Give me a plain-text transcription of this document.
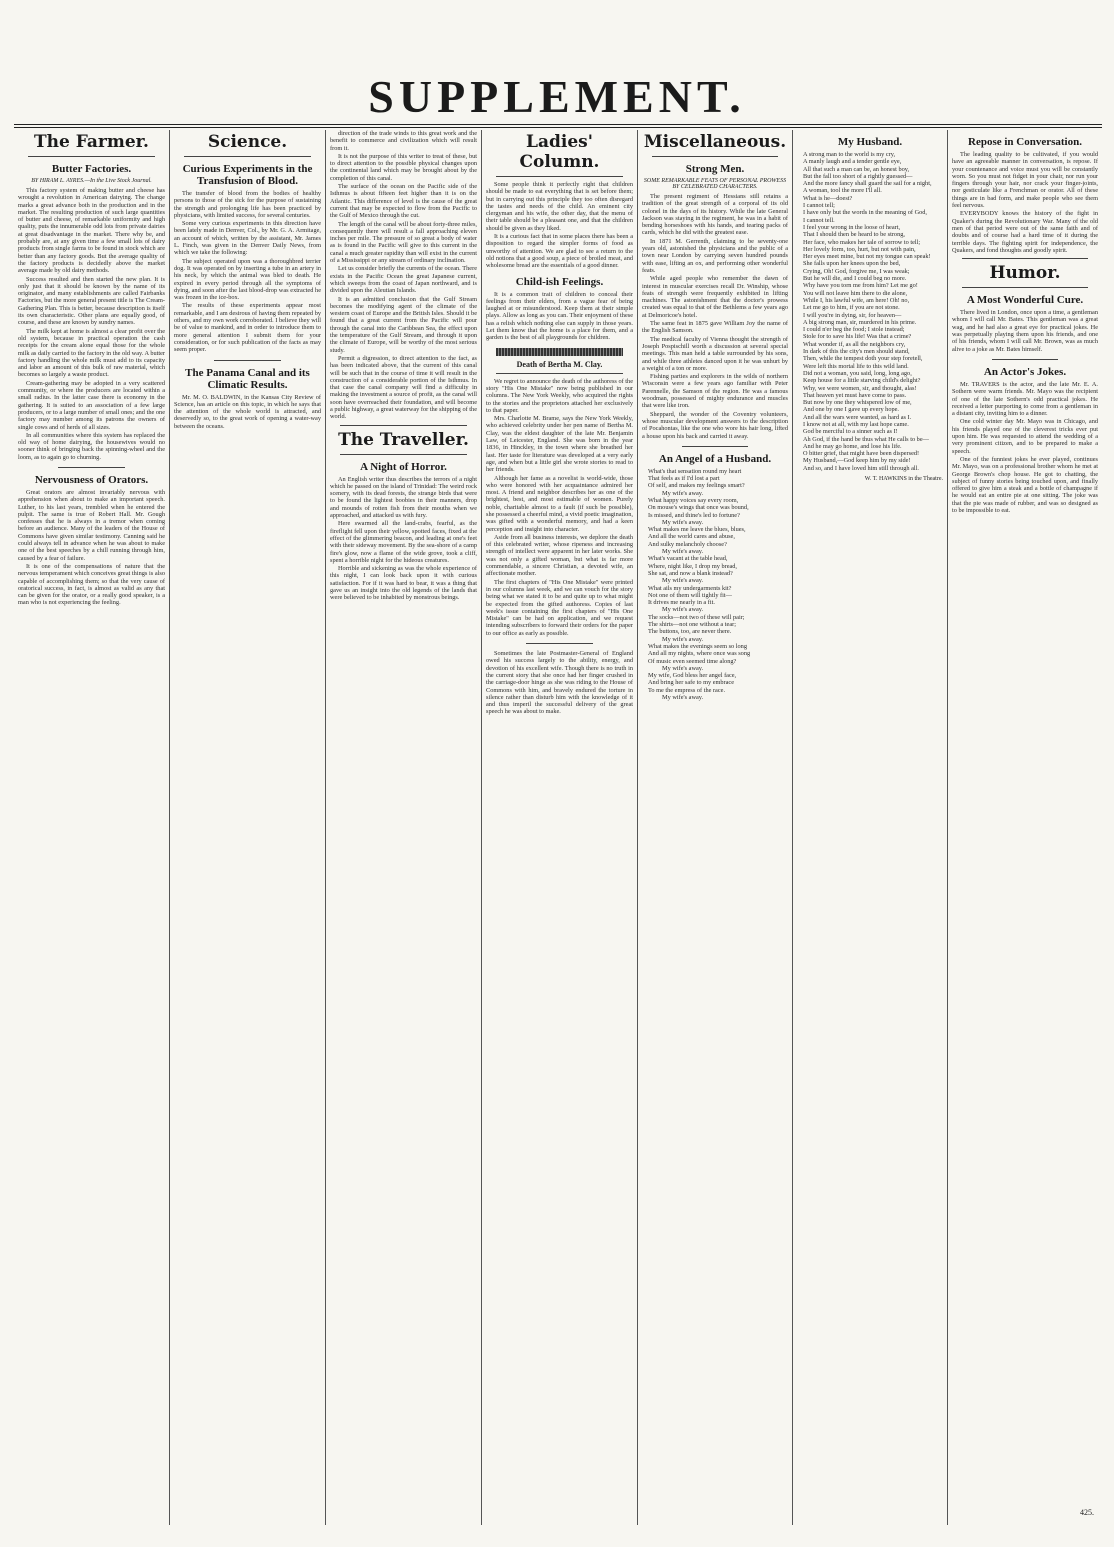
SUPPLEMENT.
The Farmer.
Butter Factories.
BY HIRAM L. AYRES.—In the Live Stock Journal.

This factory system of making butter and cheese has wrought a revolution in American dairying. The change marks a great advance both in the production and in the market. The resulting production of such large quantities of butter and cheese, of remarkable uniformity and high quality, puts the innumerable odd lots from private dairies at great disadvantage in the market. There why be, and probably are, at any given time a few small lots of dairy products from single farms to be found in stock which are better than any factory goods. But the average quality of the factory products is decidedly above the market average made by old dairy methods.

Success resulted and then started the new plan. It is only just that it should be known by the name of its originator, and many establishments are called Fairbanks Factories, but the more general present title is The Cream-Gathering Plan. This is better, because description is itself its own characteristic. Other plans are equally good, of course, and these are known by sundry names.

The milk kept at home is almost a clear profit over the old system, because in practical operation the cash receipts for the cream alone equal those for the whole milk as daily carried to the factory in the old way. A butter factory handling the whole milk must add to its capacity and labor an amount of this bulk of raw material, which becomes so largely a waste product.

Cream-gathering may be adopted in a very scattered community, or where the producers are located within a small radius. In the latter case there is economy in the gathering. It is suited to an association of a few large producers, or to a large number of small ones; and the one factory may number among its patrons the owners of single cows and of herds of all sizes.

In all communities where this system has replaced the old way of home dairying, the housewives would no sooner think of bringing back the spinning-wheel and the loom, as to again go to churning.

Nervousness of Orators.

Great orators are almost invariably nervous with apprehension when about to make an important speech. Luther, to his last years, trembled when he entered the pulpit. The same is true of Robert Hall. Mr. Gough confesses that he is always in a tremor when coming before an audience. Many of the leaders of the House of Commons have given similar testimony. Canning said he could always tell in advance when he was about to make one of the best speeches by a chill running through him, caused by a fear of failure.

It is one of the compensations of nature that the nervous temperament which conceives great things is also capable of accomplishing them; so that the very cause of oratorical success, in fact, is almost as valid as any that can be given for the orator, or a really good speaker, is a man who is not experiencing the feeling.

Science.
Curious Experiments in the Transfusion of Blood.

The transfer of blood from the bodies of healthy persons to those of the sick for the purpose of sustaining the strength and prolonging life has been practiced by physicians, with limited success, for several centuries.

Some very curious experiments in this direction have been lately made in Denver, Col., by Mr. G. A. Armitage, an account of which, written by the assistant, Mr. James L. Finch, was given in the Denver Daily News, from which we take the following:

The subject operated upon was a thoroughbred terrier dog. It was operated on by inserting a tube in an artery in his neck, by which the animal was bled to death. He expired in every period through all the symptoms of dying, and soon after the last blood-drop was extracted he was frozen in the ice-box.

The results of these experiments appear most remarkable, and I am desirous of having them repeated by others, and my own work corroborated. I believe they will be of value to mankind, and in order to introduce them to more general attention I submit them for your consideration, or for such publication of the facts as may seem proper.

The Panama Canal and its Climatic Results.

Mr. M. O. BALDWIN, in the Kansas City Review of Science, has an article on this topic, in which he says that the attention of the whole world is attracted, and deservedly so, to the great work of opening a water-way between the oceans.

direction of the trade winds to this great work and the benefit to commerce and civilization which will result from it.

It is not the purpose of this writer to treat of these, but to direct attention to the possible physical changes upon the continental land which may be brought about by the completion of this canal.

The surface of the ocean on the Pacific side of the Isthmus is about fifteen feet higher than it is on the Atlantic. This difference of level is the cause of the great current that may be expected to flow from the Pacific to the Gulf of Mexico through the cut.

The length of the canal will be about forty-three miles, consequently there will result a fall approaching eleven inches per mile. The pressure of so great a body of water as is found in the Pacific will give to this current in the canal a much greater rapidity than will exist in the current of a Mississippi or any stream of ordinary inclination.

Let us consider briefly the currents of the ocean. There exists in the Pacific Ocean the great Japanese current, which sweeps from the coast of Japan northward, and is divided upon the Aleutian Islands.

It is an admitted conclusion that the Gulf Stream becomes the modifying agent of the climate of the western coast of Europe and the British Isles. Should it be found that a great current from the Pacific will pour through the canal into the Caribbean Sea, the effect upon the temperature of the Gulf Stream, and through it upon the climate of Europe, will be worthy of the most serious study.

Permit a digression, to direct attention to the fact, as has been indicated above, that the current of this canal will be such that in the course of time it will result in the construction of a considerable portion of the Isthmus. In that case the canal company will find a difficulty in making the investment a source of profit, as the canal will soon have overreached their foundation, and will become a public highway, a great waterway for the shipping of the world.

The Traveller.
A Night of Horror.

An English writer thus describes the terrors of a night which he passed on the island of Trinidad: The weird rock scenery, with its dead forests, the strange birds that were to be found the lightest boobies in their manners, drop and mounds of rotten fish from their mouths when we approached, and attacked us with fury.

Here swarmed all the land-crabs, fearful, as the fireflight fell upon their yellow, spotted faces, fixed at the effect of the glimmering beacon, and leading at one's feet with their sideway movement. By the sea-shore of a camp fire's glow, now a flame of the wide grove, took a cliff, spent a horrible night for the hideous creatures.

Horrible and sickening as was the whole experience of this night, I can look back upon it with curious satisfaction. For if it was hard to bear, it was a thing that gave us an insight into the old legends of the lands that were believed to be inhabited by monstrous beings.

Ladies' Column.

Some people think it perfectly right that children should be made to eat everything that is set before them; but in carrying out this principle they too often disregard the tastes and needs of the child. An eminent city clergyman and his wife, the other day, that the menu of their table should be a pleasant one, and that the children should be given as they liked.

It is a curious fact that in some places there has been a disposition to regard the simpler forms of food as unworthy of attention. We are glad to see a return to the old notions that a good soup, a piece of broiled meat, and wholesome bread are the essentials of a good dinner.

Child-ish Feelings.

It is a common trait of children to conceal their feelings from their elders, from a vague fear of being laughed at or misunderstood. Keep them at their simple plays. Allow as long as you can. Their enjoyment of these has a relish which nothing else can supply in those years. Let them know that the home is a place for them, and a garden is the best of all playgrounds for children.

Death of Bertha M. Clay.

We regret to announce the death of the authoress of the story "His One Mistake" now being published in our columns. The New York Weekly, who acquired the rights to the stories and the proprietors attached her exclusively to that paper.

Mrs. Charlotte M. Brame, says the New York Weekly, who achieved celebrity under her pen name of Bertha M. Clay, was the eldest daughter of the late Mr. Benjamin Law, of Leicester, England. She was born in the year 1836, in Hinckley, in the town where she breathed her last. Her taste for literature was developed at a very early age, and when but a little girl she wrote stories to read to her friends.

Although her fame as a novelist is world-wide, those who were honored with her acquaintance admired her most. A friend and neighbor describes her as one of the brightest, best, and most estimable of women. Purely noble, charitable almost to a fault (if such be possible), she possessed a cheerful mind, a vivid poetic imagination, was gifted with a wonderful memory, and had a keen perception and insight into character.

Aside from all business interests, we deplore the death of this celebrated writer, whose ripeness and increasing strength of intellect were apparent in her later works. She was not only a gifted woman, but what is far more commendable, a sincere Christian, a devoted wife, an affectionate mother.

The first chapters of "His One Mistake" were printed in our columns last week, and we can vouch for the story being what we stated it to be and quite up to what might be expected from the gifted authoress. Copies of last week's issue containing the first chapters of "His One Mistake" can be had on application, and we request intending subscribers to forward their orders for the paper to our office as early as possible.

Sometimes the late Postmaster-General of England owed his success largely to the ability, energy, and devotion of his excellent wife. Though there is no truth in the current story that she once had her finger crushed in the carriage-door hinge as she was riding to the House of Commons with him, and bravely endured the torture in silence rather than disturb him with the knowledge of it and thus imperil the successful delivery of the great speech he was about to make.

Miscellaneous.
Strong Men.
SOME REMARKABLE FEATS OF PERSONAL PROWESS BY CELEBRATED CHARACTERS.

The present regiment of Hessians still retains a tradition of the great strength of a corporal of its old colonel in the days of its history. While the late General Jackson was staying in the regiment, he was in a habit of bending horseshoes with his hands, and tearing packs of cards, which he did with the greatest ease.

In 1871 M. Gerrenth, claiming to be seventy-one years old, astonished the physicians and the public of a town near London by carrying seven hundred pounds with ease, lifting an ox, and performing other wonderful feats.

While aged people who remember the dawn of interest in muscular exercises recall Dr. Winship, whose feats of strength were frequently exhibited in lifting machines. The astonishment that the doctor's prowess created was equal to that of the Bethlems a few years ago at Delmoricoe's hotel.

The same feat in 1875 gave William Joy the name of the English Samson.

The medical faculty of Vienna thought the strength of Joseph Pospischill worth a discussion at several special meetings. This man held a table surrounded by his sons, and while three athletes danced upon it he was unhurt by a weight of a ton or more.

Fishing parties and explorers in the wilds of northern Wisconsin were a few years ago familiar with Peter Parennelle, the Samson of the region. He was a famous woodman, possessed of mighty endurance and muscles that were like iron.

Sheppard, the wonder of the Coventry volunteers, whose muscular development answers to the description of Pocahontas, like the one who wore his hair long, lifted a house upon his back and carried it away.

An Angel of a Husband.
What's that sensation round my heart
That feels as if I'd lost a part
Of self, and makes my feelings smart?
My wife's away.
What happy voices say every room,
On mouse's wings that once was bound,
Is missed, and thine's led to fortune?
My wife's away.
What makes me leave the blues, blues,
And all the world cares and abuse,
And sulky melancholy choose?
My wife's away.
What's vacant at the table head,
Where, night like, I drop my bread,
She sat, and now a blank instead?
My wife's away.
What ails my undergarments kit?
Not one of them will tightly fit—
It drives me nearly in a fit.
My wife's away.
The socks—not two of these will pair;
The shirts—not one without a tear;
The buttons, too, are never there.
My wife's away.
What makes the evenings seem so long
And all my nights, where once was song
Of music even seemed time along?
My wife's away.
My wife, God bless her angel face,
And bring her safe to my embrace
To me the empress of the race.
My wife's away.
My Husband.
A strong man to the world is my cry,
A manly laugh and a tender gentle eye,
All that such a man can be, an honest boy,
But the fall too short of a rightly guessed—
And the more fancy shall guard the sail for a night,
A woman, tool the more I'll all.
What is he—doest?
I cannot tell;
I have only but the words in the meaning of God,
I cannot tell.
I feel your wrong in the loose of heart,
That I should then be heard to be strong,
Her face, who makes her tale of sorrow to tell;
Her lovely form, too, hurt, but not with pain,
Her eyes meet mine, but not my tongue can speak!
She falls upon her knees upon the bed,
Crying, Oh! God, forgive me, I was weak;
But he will die, and I could beg no more.
Why have you torn me from him? Let me go!
You will not leave him there to die alone,
While I, his lawful wife, am here! Oh! no,
Let me go to him, if you are not stone.
I will you're in dying, sir, for heaven—
A big strong man, sir, murdered in his prime.
I could n'er beg the food; I stole instead;
Stole for to save his life! Was that a crime?
What wonder if, as all the neighbors cry,
In dark of this the city's men should stand,
Then, while the tempest doth your step foretell,
Were left this mortal life to this wild land.
Did not a woman, you said, long, long ago,
Keep house for a little starving child's delight?
Why, we were women, sir, and thought, alas!
That heaven yet must have come to pass.
But now by one they whispered low of me,
And one by one I gave up every hope.
And all the wars were wanted, as hard as I.
I know not at all, with my last hope came.
God be merciful to a sinner such as I!
Ah God, if the hand be thus what He calls to be—
And he may go home, and lose his life.
O bitter grief, that might have been dispersed!
My Husband,—God keep him by my side!
And so, and I have loved him still through all.
W. T. HAWKINS in the Theatre.
Repose in Conversation.

The leading quality to be cultivated, if you would have an agreeable manner in conversation, is repose. If your countenance and voice must you will be constantly worn. So you must not fidget in your chair, nor run your fingers through your hair, nor crack your finger-joints, nor gesticulate like a Frenchman or orator. All of these things are in bad form, and make people who see them feel nervous.

EVERYBODY knows the history of the fight in Quaker's during the Revolutionary War. Many of the old men of that period were out of the same faith and of doubts and of course had a hard time of it during the terrible days. The fighting spirit for independence, the Quakers, and fond thoughts and goodly spirit.

Humor.
A Most Wonderful Cure.

There lived in London, once upon a time, a gentleman whom I will call Mr. Bates. This gentleman was a great wag, and he had also a great eye for practical jokes. He was perpetually playing them upon his friends, and one of his friends, whom I will call Mr. Brown, was as much alive to a joke as Mr. Bates himself.

An Actor's Jokes.

Mr. TRAVERS is the actor, and the late Mr. E. A. Sothern were warm friends. Mr. Mayo was the recipient of one of the late Sothern's odd practical jokes. He received a letter purporting to come from a gentleman in a distant city, inviting him to a dinner.

One cold winter day Mr. Mayo was in Chicago, and his friends played one of the cleverest tricks ever put upon him. He was requested to attend the wedding of a very prominent citizen, and to be prepared to make a speech.

One of the funniest jokes he ever played, continues Mr. Mayo, was on a professional brother whom he met at George Brown's chop house. He got to chatting, the subject of funny stories being touched upon, and finally offered to give him a steak and a bottle of champagne if he would eat an entire pie at one sitting. The joke was that the pie was made of rubber, and was so designed as to be impossible to eat.

425.
